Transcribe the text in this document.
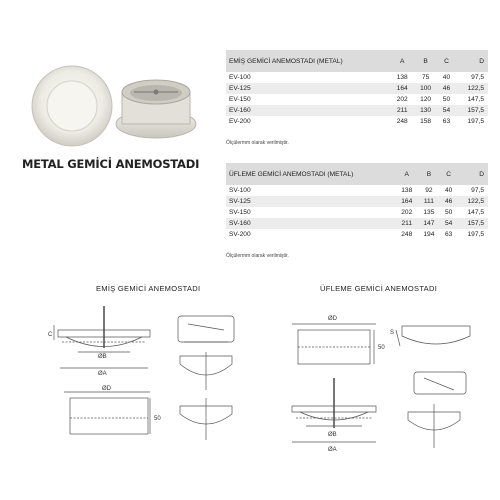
METAL GEMİCİ ANEMOSTADI
EMİŞ GEMİCİ ANEMOSTADI (METAL)	A	B	C	D
EV-100	138	75	40	97,5
EV-125	164	100	46	122,5
EV-150	202	120	50	147,5
EV-160	211	130	54	157,5
EV-200	248	158	63	197,5
Ölçülermm olarak verilmiştir.
ÜFLEME GEMİCİ ANEMOSTADI (METAL)	A	B	C	D
SV-100	138	92	40	97,5
SV-125	164	111	46	122,5
SV-150	202	135	50	147,5
SV-160	211	147	54	157,5
SV-200	248	194	63	197,5
Ölçülermm olarak verilmiştir.
EMİŞ GEMİCİ ANEMOSTADI	ÜFLEME GEMİCİ ANEMOSTADI
C
ØB
ØA
ØD
50
ØD
50
S
ØB
ØA
